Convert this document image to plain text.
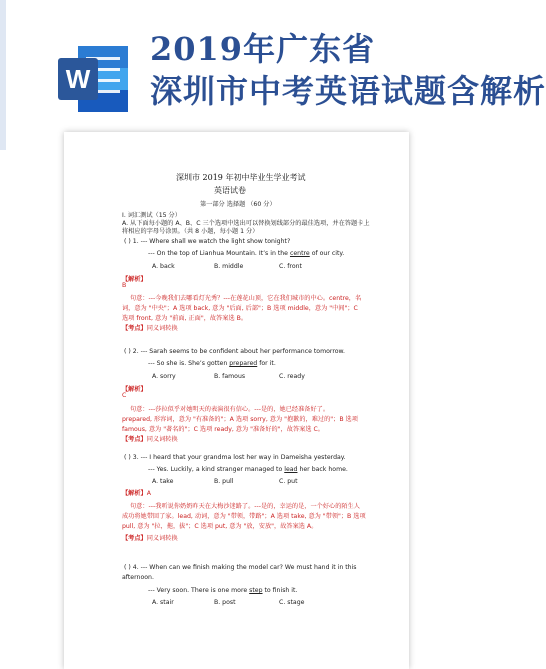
W
2019年广东省
深圳市中考英语试题含解析
深圳市 2019 年初中毕业生学业考试
英语试卷
第一部分 选择题 （60 分）
I. 词汇测试（15 分）
A. 从下面每小题的 A、B、C 三个选项中选出可以替换划线部分的最佳选项，并在答题卡上
将相应的字母号涂黑。（共 8 小题，每小题 1 分）
( ) 1. --- Where shall we watch the light show tonight?
--- On the top of Lianhua Mountain. It’s in the centre of our city.
A. back	B. middle	C. front
【解析】
B
句意：---今晚我们去哪看灯光秀？---在莲花山顶，它在我们城市的中心。centre，名
词，意为 "中央"；A 选项 back, 意为 "后面, 后部"；B 选项 middle，意为 "中间"；C
选项 front, 意为 "前面, 正面"，故答案选 B。
【考点】同义词转换
( ) 2. --- Sarah seems to be confident about her performance tomorrow.
--- So she is. She’s gotten prepared for it.
A. sorry	B. famous	C. ready
【解析】
C
句意：---莎拉似乎对她明天的表演很有信心。---是的，她已经准备好了。
prepared, 形容词，意为 "有准备的"；A 选项 sorry, 意为 "抱歉的，难过的"；B 选项
famous, 意为 "著名的"；C 选项 ready, 意为 "准备好的"，故答案选 C。
【考点】同义词转换
( ) 3. --- I heard that your grandma lost her way in Dameisha yesterday.
--- Yes. Luckily, a kind stranger managed to lead her back home.
A. take	B. pull	C. put
【解析】A
句意：---我听说你奶奶昨天在大梅沙迷路了。---是的，幸运的是，一个好心的陌生人
成功将她带回了家。lead, 动词，意为 "带领，带路"；A 选项 take, 意为 "带领"；B 选项
pull, 意为 "拉，拖，拔"；C 选项 put, 意为 "放，安放"，故答案选 A。
【考点】同义词转换
( ) 4. --- When can we finish making the model car? We must hand it in this
afternoon.
--- Very soon. There is one more step to finish it.
A. stair	B. post	C. stage
